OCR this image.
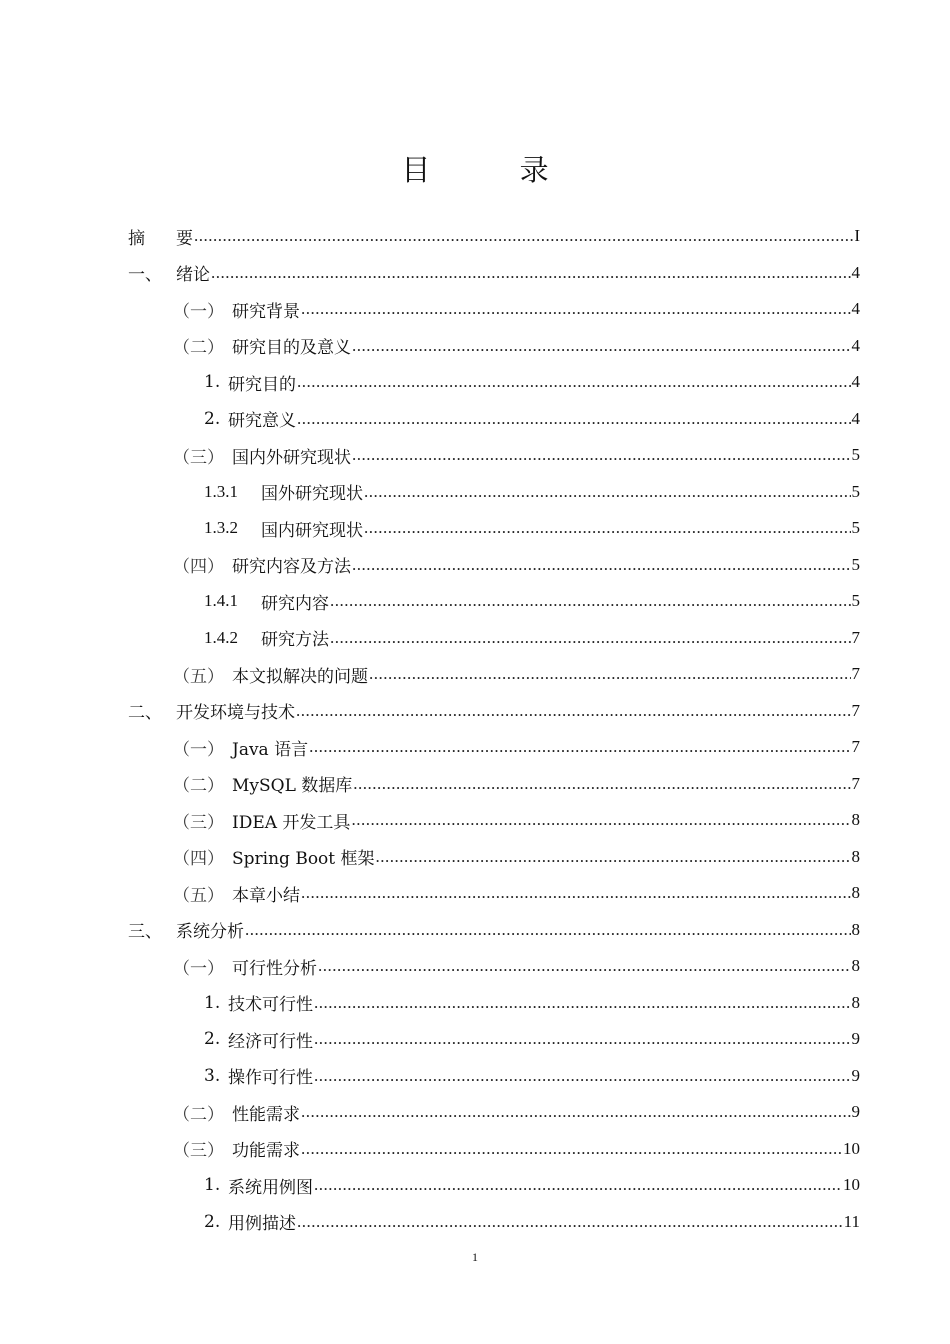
目 录
摘	要 .....	I
一、 绪论 .....	4
（一） 研究背景 .....	4
（二） 研究目的及意义 .....	4
1. 研究目的 .....	4
2. 研究意义 .....	4
（三） 国内外研究现状 .....	5
1.3.1	国外研究现状 .....	5
1.3.2	国内研究现状 .....	5
（四） 研究内容及方法 .....	5
1.4.1	研究内容 .....	5
1.4.2	研究方法 .....	7
（五） 本文拟解决的问题 .....	7
二、 开发环境与技术 .....	7
（一） Java 语言 .....	7
（二） MySQL 数据库 .....	7
（三） IDEA 开发工具 .....	8
（四） Spring Boot 框架 .....	8
（五） 本章小结 .....	8
三、 系统分析 .....	8
（一） 可行性分析 .....	8
1. 技术可行性 .....	8
2. 经济可行性 .....	9
3. 操作可行性 .....	9
（二） 性能需求 .....	9
（三） 功能需求 .....	10
1. 系统用例图 .....	10
2. 用例描述 .....	11
1
